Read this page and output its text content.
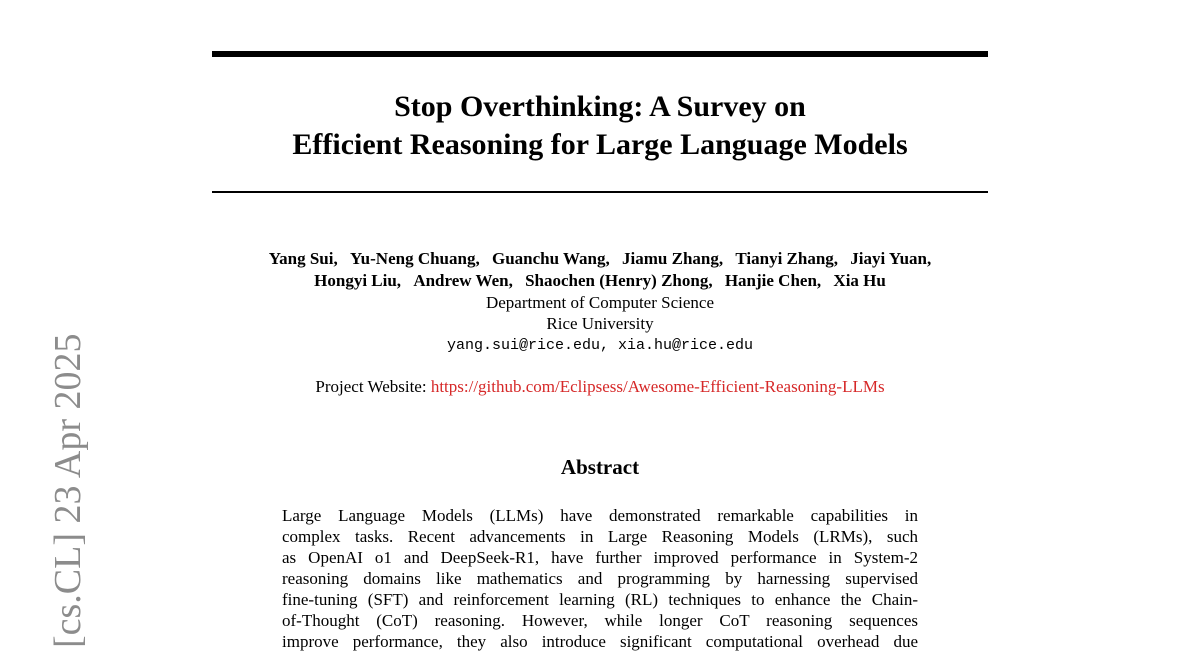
[cs.CL] 23 Apr 2025
Stop Overthinking: A Survey on
Efficient Reasoning for Large Language Models
Yang Sui, Yu-Neng Chuang, Guanchu Wang, Jiamu Zhang, Tianyi Zhang, Jiayi Yuan,
Hongyi Liu, Andrew Wen, Shaochen (Henry) Zhong, Hanjie Chen, Xia Hu
Department of Computer Science
Rice University
yang.sui@rice.edu, xia.hu@rice.edu
Project Website: https://github.com/Eclipsess/Awesome-Efficient-Reasoning-LLMs
Abstract
Large Language Models (LLMs) have demonstrated remarkable capabilities in
complex tasks. Recent advancements in Large Reasoning Models (LRMs), such
as OpenAI o1 and DeepSeek-R1, have further improved performance in System-2
reasoning domains like mathematics and programming by harnessing supervised
fine-tuning (SFT) and reinforcement learning (RL) techniques to enhance the Chain-
of-Thought (CoT) reasoning. However, while longer CoT reasoning sequences
improve performance, they also introduce significant computational overhead due
